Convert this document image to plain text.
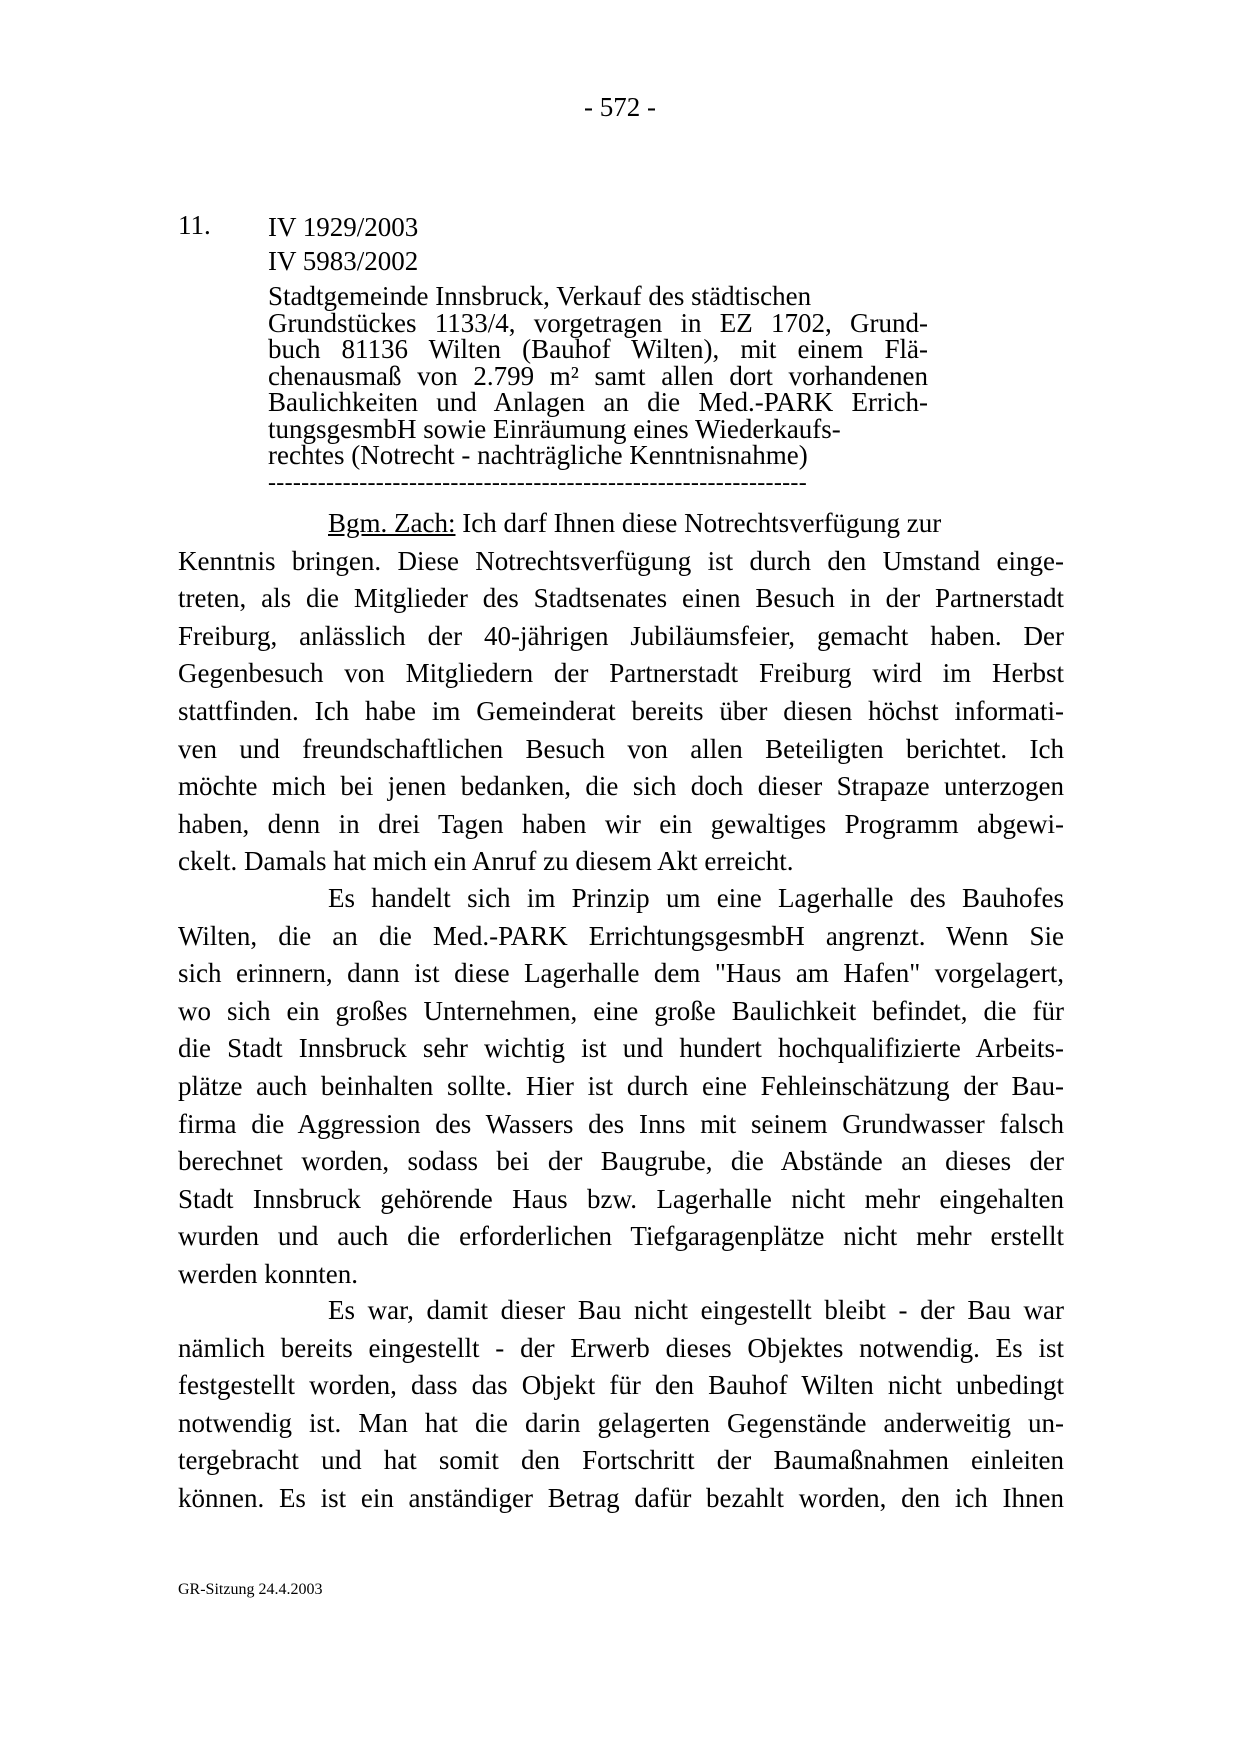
- 572 -
11. IV 1929/2003
IV 5983/2002
Stadtgemeinde Innsbruck, Verkauf des städtischen
Grundstückes 1133/4, vorgetragen in EZ 1702, Grund-
buch 81136 Wilten (Bauhof Wilten), mit einem Flä-
chenausmaß von 2.799 m² samt allen dort vorhandenen
Baulichkeiten und Anlagen an die Med.-PARK Errich-
tungsgesmbH sowie Einräumung eines Wiederkaufs-
rechtes (Notrecht - nachträgliche Kenntnisnahme)
-----------------------------------------------------------------
Bgm. Zach: Ich darf Ihnen diese Notrechtsverfügung zur
Kenntnis bringen. Diese Notrechtsverfügung ist durch den Umstand einge-
treten, als die Mitglieder des Stadtsenates einen Besuch in der Partnerstadt
Freiburg, anlässlich der 40-jährigen Jubiläumsfeier, gemacht haben. Der
Gegenbesuch von Mitgliedern der Partnerstadt Freiburg wird im Herbst
stattfinden. Ich habe im Gemeinderat bereits über diesen höchst informati-
ven und freundschaftlichen Besuch von allen Beteiligten berichtet. Ich
möchte mich bei jenen bedanken, die sich doch dieser Strapaze unterzogen
haben, denn in drei Tagen haben wir ein gewaltiges Programm abgewi-
ckelt. Damals hat mich ein Anruf zu diesem Akt erreicht.
Es handelt sich im Prinzip um eine Lagerhalle des Bauhofes
Wilten, die an die Med.-PARK ErrichtungsgesmbH angrenzt. Wenn Sie
sich erinnern, dann ist diese Lagerhalle dem "Haus am Hafen" vorgelagert,
wo sich ein großes Unternehmen, eine große Baulichkeit befindet, die für
die Stadt Innsbruck sehr wichtig ist und hundert hochqualifizierte Arbeits-
plätze auch beinhalten sollte. Hier ist durch eine Fehleinschätzung der Bau-
firma die Aggression des Wassers des Inns mit seinem Grundwasser falsch
berechnet worden, sodass bei der Baugrube, die Abstände an dieses der
Stadt Innsbruck gehörende Haus bzw. Lagerhalle nicht mehr eingehalten
wurden und auch die erforderlichen Tiefgaragenplätze nicht mehr erstellt
werden konnten.
Es war, damit dieser Bau nicht eingestellt bleibt - der Bau war
nämlich bereits eingestellt - der Erwerb dieses Objektes notwendig. Es ist
festgestellt worden, dass das Objekt für den Bauhof Wilten nicht unbedingt
notwendig ist. Man hat die darin gelagerten Gegenstände anderweitig un-
tergebracht und hat somit den Fortschritt der Baumaßnahmen einleiten
können. Es ist ein anständiger Betrag dafür bezahlt worden, den ich Ihnen
GR-Sitzung 24.4.2003
